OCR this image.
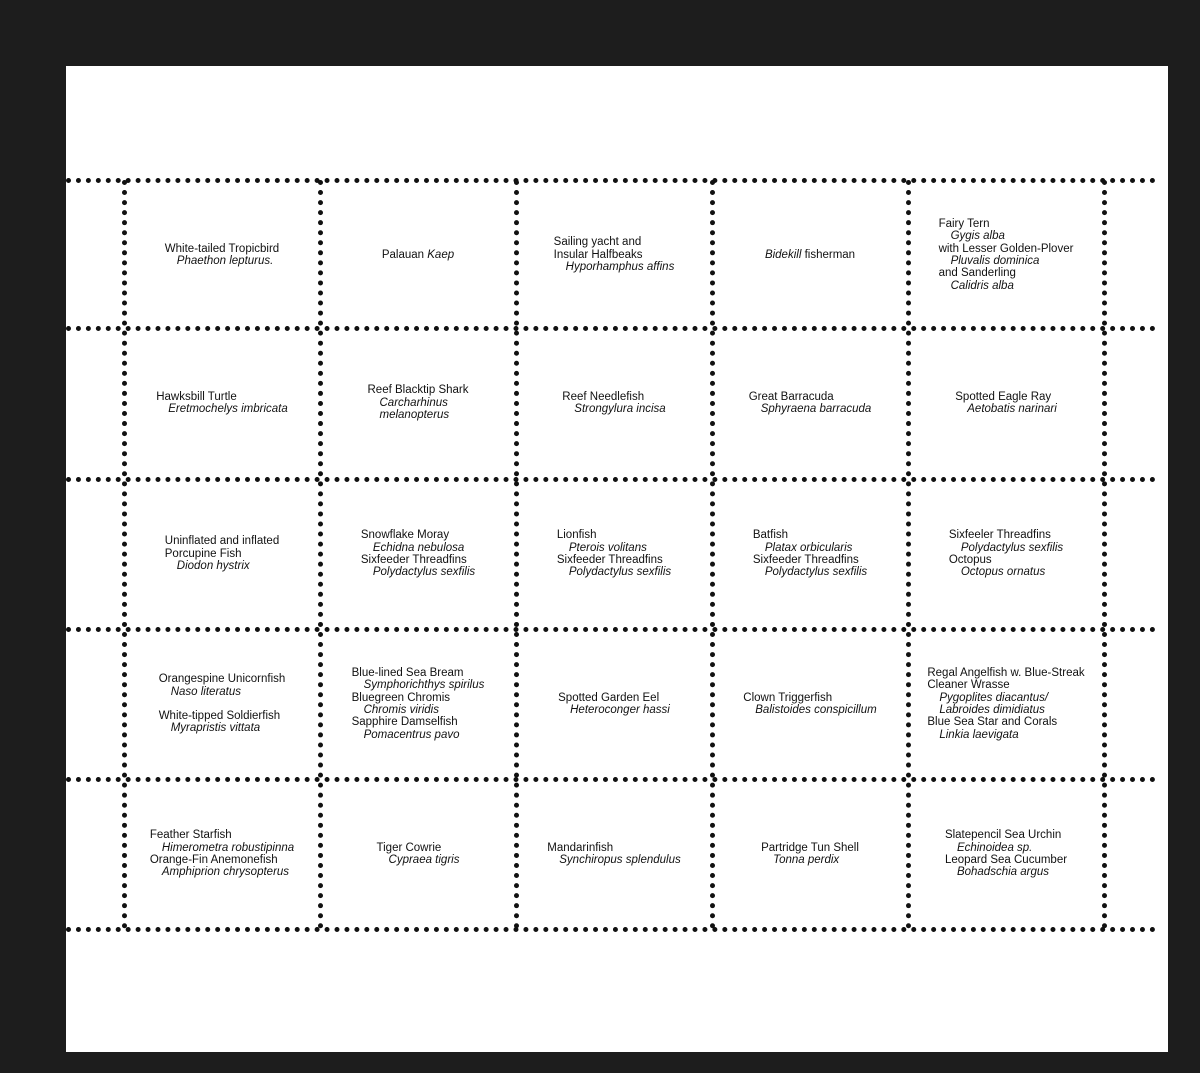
White-tailed Tropicbird
Phaethon lepturus.
Palauan Kaep
Sailing yacht and
Insular Halfbeaks
Hyporhamphus affins
Bidekill fisherman
Fairy Tern
Gygis alba
with Lesser Golden-Plover
Pluvalis dominica
and Sanderling
Calidris alba
Hawksbill Turtle
Eretmochelys imbricata
Reef Blacktip Shark
Carcharhinus
melanopterus
Reef Needlefish
Strongylura incisa
Great Barracuda
Sphyraena barracuda
Spotted Eagle Ray
Aetobatis narinari
Uninflated and inflated
Porcupine Fish
Diodon hystrix
Snowflake Moray
Echidna nebulosa
Sixfeeder Threadfins
Polydactylus sexfilis
Lionfish
Pterois volitans
Sixfeeder Threadfins
Polydactylus sexfilis
Batfish
Platax orbicularis
Sixfeeder Threadfins
Polydactylus sexfilis
Sixfeeler Threadfins
Polydactylus sexfilis
Octopus
Octopus ornatus
Orangespine Unicornfish
Naso literatus
White-tipped Soldierfish
Myrapristis vittata
Blue-lined Sea Bream
Symphorichthys spirilus
Bluegreen Chromis
Chromis viridis
Sapphire Damselfish
Pomacentrus pavo
Spotted Garden Eel
Heteroconger hassi
Clown Triggerfish
Balistoides conspicillum
Regal Angelfish w. Blue-Streak
Cleaner Wrasse
Pygoplites diacantus/
Labroides dimidiatus
Blue Sea Star and Corals
Linkia laevigata
Feather Starfish
Himerometra robustipinna
Orange-Fin Anemonefish
Amphiprion chrysopterus
Tiger Cowrie
Cypraea tigris
Mandarinfish
Synchiropus splendulus
Partridge Tun Shell
Tonna perdix
Slatepencil Sea Urchin
Echinoidea sp.
Leopard Sea Cucumber
Bohadschia argus
